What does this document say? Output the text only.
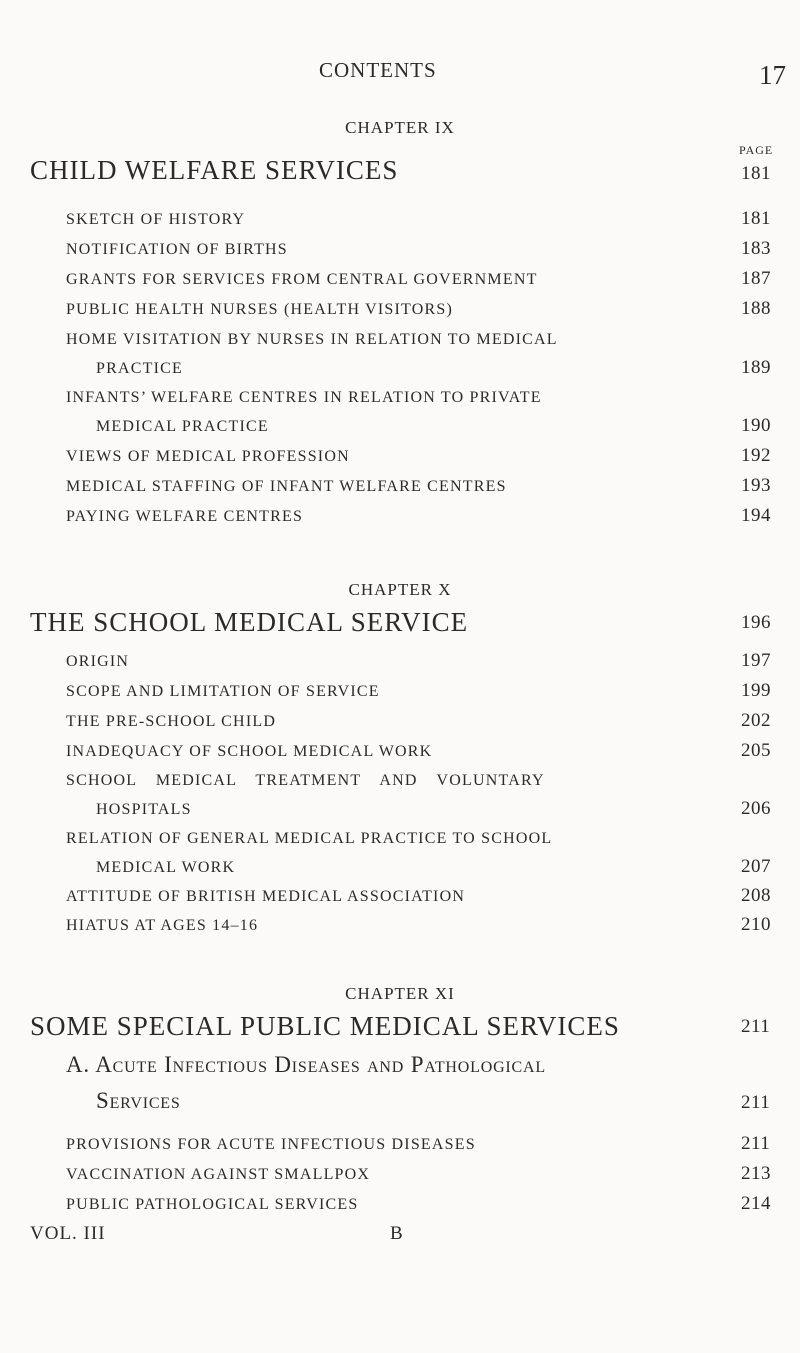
CONTENTS	17
CHAPTER IX
PAGE
CHILD WELFARE SERVICES	181
SKETCH OF HISTORY	181
NOTIFICATION OF BIRTHS	183
GRANTS FOR SERVICES FROM CENTRAL GOVERNMENT	187
PUBLIC HEALTH NURSES (HEALTH VISITORS)	188
HOME VISITATION BY NURSES IN RELATION TO MEDICAL
PRACTICE	189
INFANTS’ WELFARE CENTRES IN RELATION TO PRIVATE
MEDICAL PRACTICE	190
VIEWS OF MEDICAL PROFESSION	192
MEDICAL STAFFING OF INFANT WELFARE CENTRES	193
PAYING WELFARE CENTRES	194
CHAPTER X
THE SCHOOL MEDICAL SERVICE	196
ORIGIN	197
SCOPE AND LIMITATION OF SERVICE	199
THE PRE-SCHOOL CHILD	202
INADEQUACY OF SCHOOL MEDICAL WORK	205
SCHOOL MEDICAL TREATMENT AND VOLUNTARY
HOSPITALS	206
RELATION OF GENERAL MEDICAL PRACTICE TO SCHOOL
MEDICAL WORK	207
ATTITUDE OF BRITISH MEDICAL ASSOCIATION	208
HIATUS AT AGES 14–16	210
CHAPTER XI
SOME SPECIAL PUBLIC MEDICAL SERVICES	211
A. Acute Infectious Diseases and Pathological
Services	211
PROVISIONS FOR ACUTE INFECTIOUS DISEASES	211
VACCINATION AGAINST SMALLPOX	213
PUBLIC PATHOLOGICAL SERVICES	214
VOL. III	B
